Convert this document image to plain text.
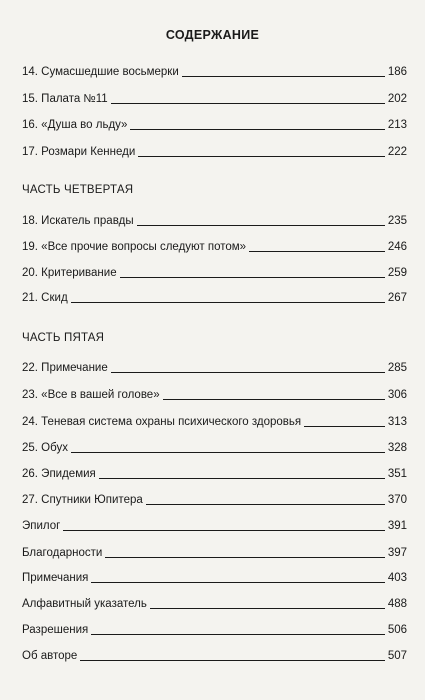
СОДЕРЖАНИЕ
14. Сумасшедшие восьмерки	186
15. Палата №11	202
16. «Душа во льду»	213
17. Розмари Кеннеди	222
ЧАСТЬ ЧЕТВЕРТАЯ
18. Искатель правды	235
19. «Все прочие вопросы следуют потом»	246
20. Критеривание	259
21. Скид	267
ЧАСТЬ ПЯТАЯ
22. Примечание	285
23. «Все в вашей голове»	306
24. Теневая система охраны психического здоровья	313
25. Обух	328
26. Эпидемия	351
27. Спутники Юпитера	370
Эпилог	391
Благодарности	397
Примечания	403
Алфавитный указатель	488
Разрешения	506
Об авторе	507
